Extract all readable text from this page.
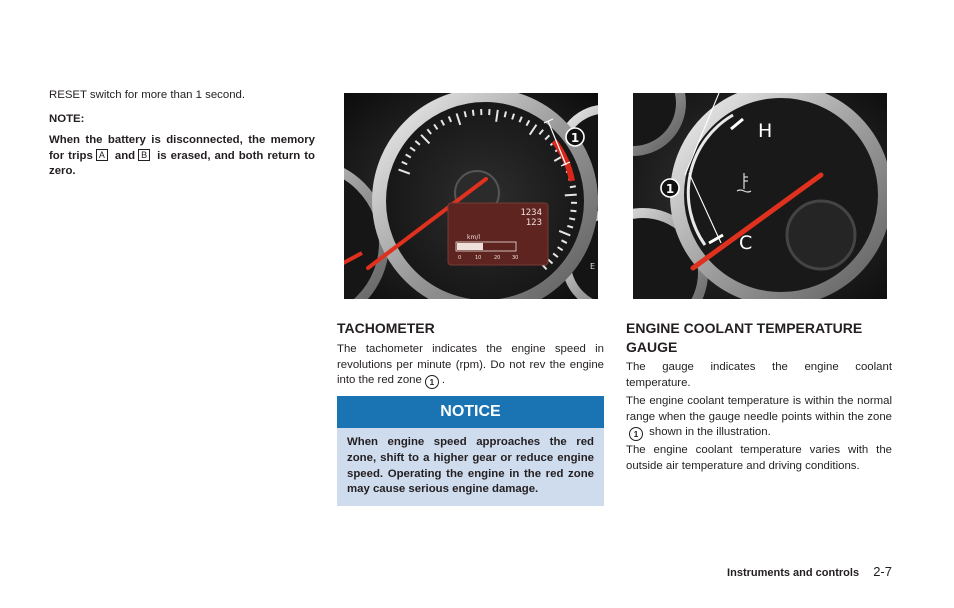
RESET switch for more than 1 second.

NOTE:

When the battery is disconnected, the memory for trips A and B is erased, and both return to zero.

1234
123
km/l
0	10	20 30
E
1	H
C
1
TACHOMETER

The tachometer indicates the engine speed in revolutions per minute (rpm). Do not rev the engine into the red zone 1 .

NOTICE
When engine speed approaches the red zone, shift to a higher gear or reduce engine speed. Operating the engine in the red zone may cause serious engine damage.
ENGINE COOLANT TEMPERATURE GAUGE

The gauge indicates the engine coolant temperature.

The engine coolant temperature is within the normal range when the gauge needle points within the zone1 shown in the illustration.

The engine coolant temperature varies with the outside air temperature and driving conditions.

Instruments and controls 2-7
